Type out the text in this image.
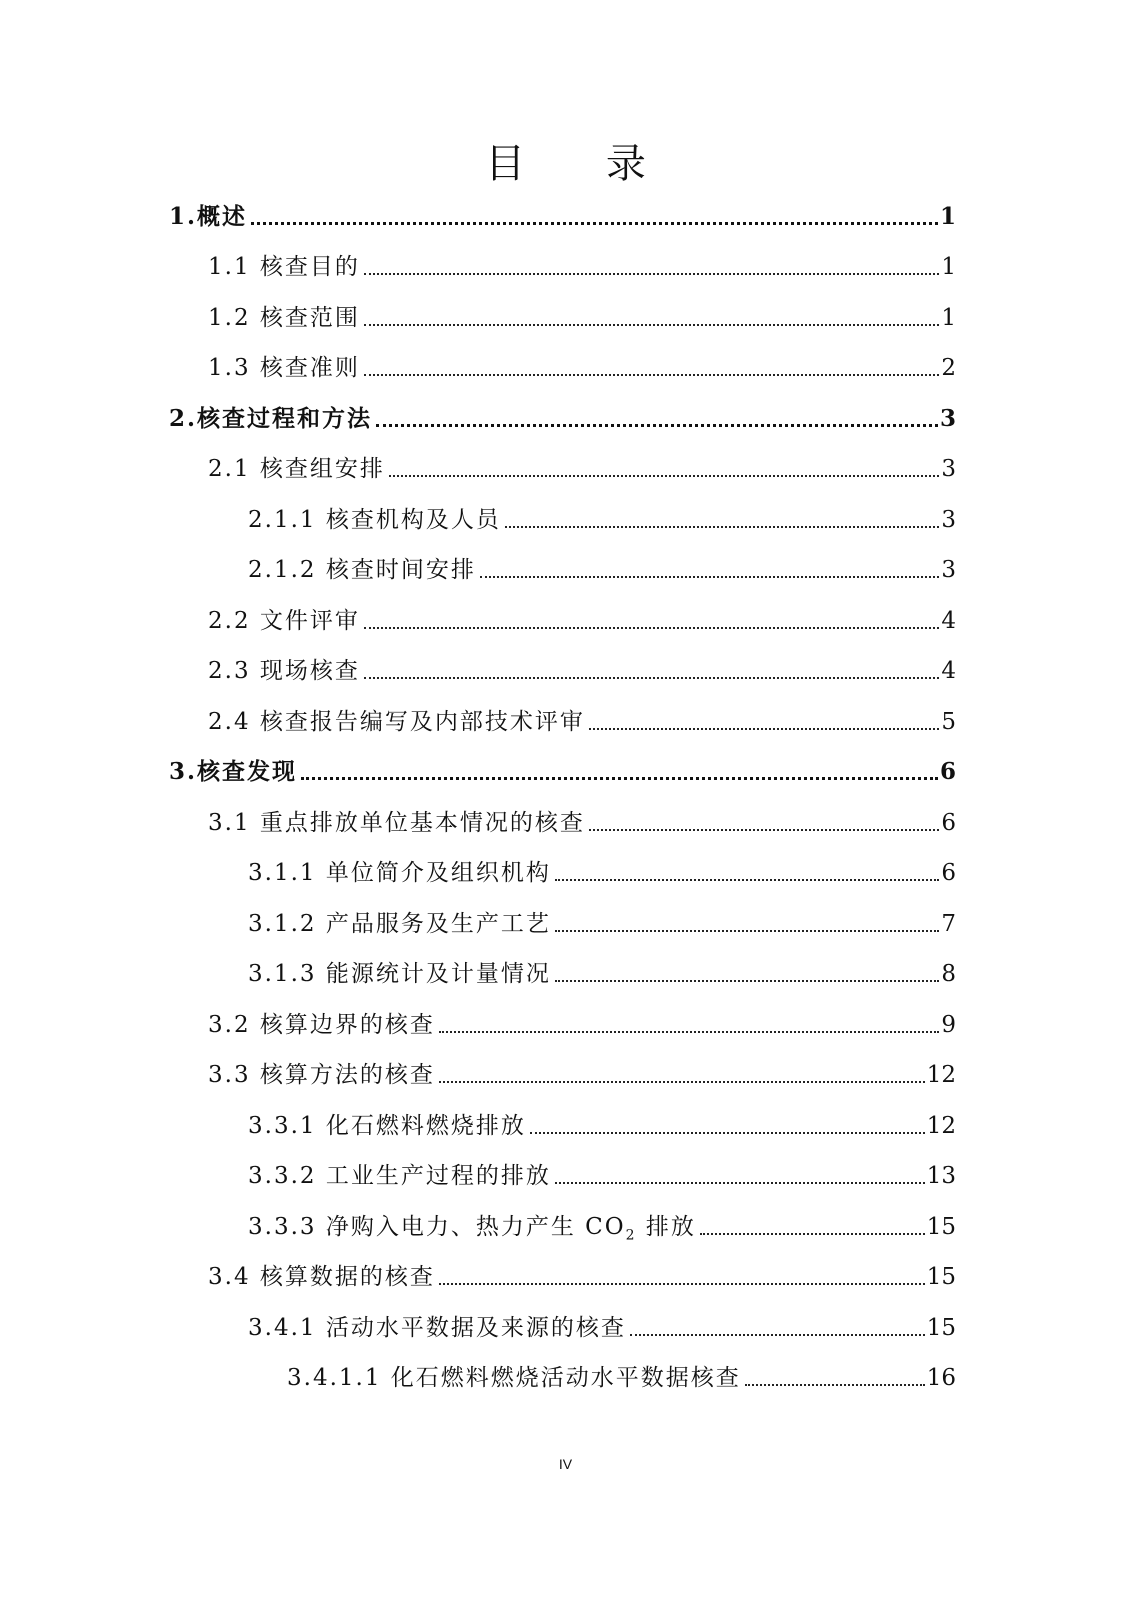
目 录
1.概述	1
1.1 核查目的	1
1.2 核查范围	1
1.3 核查准则	2
2.核查过程和方法	3
2.1 核查组安排	3
2.1.1 核查机构及人员	3
2.1.2 核查时间安排	3
2.2 文件评审	4
2.3 现场核查	4
2.4 核查报告编写及内部技术评审	5
3.核查发现	6
3.1 重点排放单位基本情况的核查	6
3.1.1 单位简介及组织机构	6
3.1.2 产品服务及生产工艺	7
3.1.3 能源统计及计量情况	8
3.2 核算边界的核查	9
3.3 核算方法的核查	12
3.3.1 化石燃料燃烧排放	12
3.3.2 工业生产过程的排放	13
3.3.3 净购入电力、热力产生 $CO_2$ 排放	15
3.4 核算数据的核查	15
3.4.1 活动水平数据及来源的核查	15
3.4.1.1 化石燃料燃烧活动水平数据核查	16
IV
